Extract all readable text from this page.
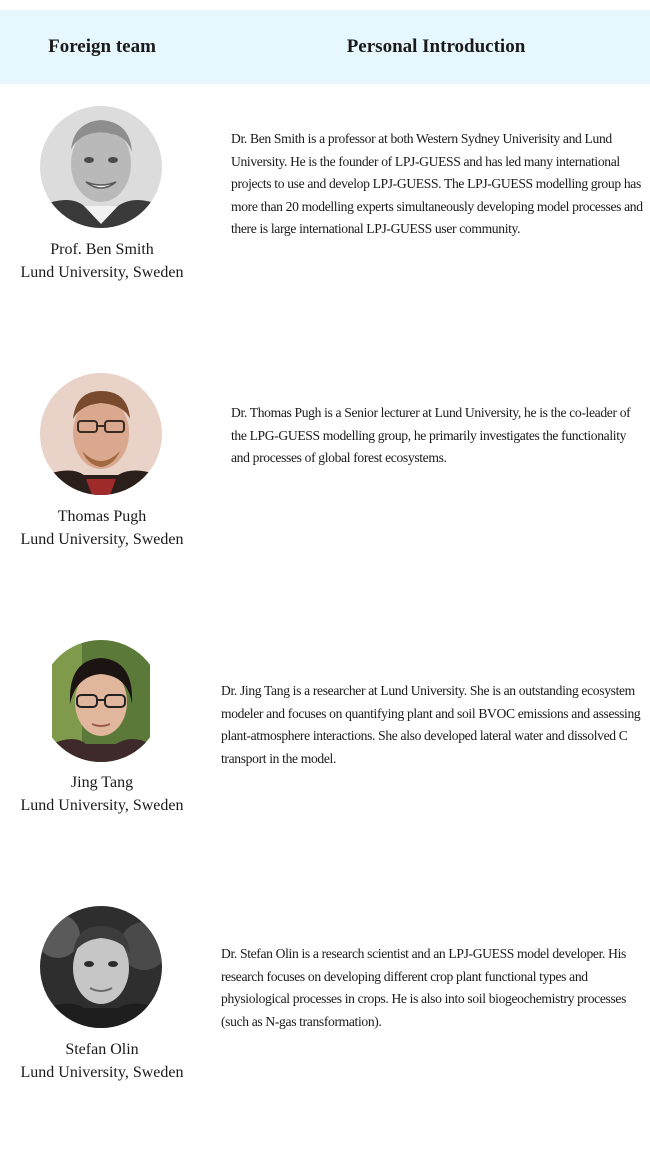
Foreign team	Personal Introduction
Prof. Ben Smith
Lund University, Sweden
Dr. Ben Smith is a professor at both Western Sydney Univerisity and Lund University. He is the founder of LPJ-GUESS and has led many international projects to use and develop LPJ-GUESS. The LPJ-GUESS modelling group has more than 20 modelling experts simultaneously developing model processes and there is large international LPJ-GUESS user community.
Thomas Pugh
Lund University, Sweden
Dr. Thomas Pugh is a Senior lecturer at Lund University, he is the co-leader of the LPG-GUESS modelling group, he primarily investigates the functionality and processes of global forest ecosystems.
Jing Tang
Lund University, Sweden
Dr. Jing Tang is a researcher at Lund University. She is an outstanding ecosystem modeler and focuses on quantifying plant and soil BVOC emissions and assessing plant-atmosphere interactions. She also developed lateral water and dissolved C transport in the model.
Stefan Olin
Lund University, Sweden
Dr. Stefan Olin is a research scientist and an LPJ-GUESS model developer. His research focuses on developing different crop plant functional types and physiological processes in crops. He is also into soil biogeochemistry processes (such as N-gas transformation).
